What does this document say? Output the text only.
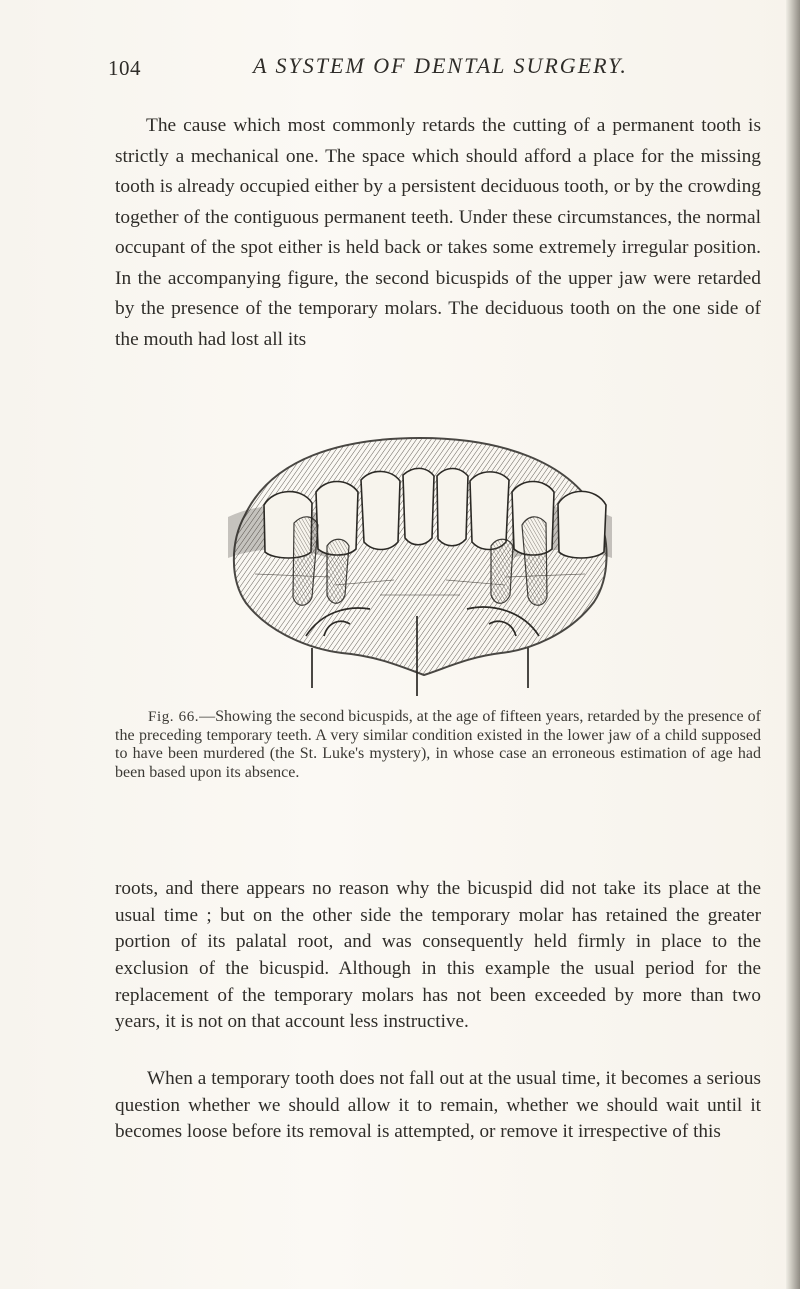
104	A SYSTEM OF DENTAL SURGERY.

The cause which most commonly retards the cutting of a permanent tooth is strictly a mechanical one. The space which should afford a place for the missing tooth is already occupied either by a persistent deciduous tooth, or by the crowding together of the contiguous permanent teeth. Under these circumstances, the normal occupant of the spot either is held back or takes some extremely irregular position. In the accompanying figure, the second bicuspids of the upper jaw were retarded by the presence of the temporary molars. The deciduous tooth on the one side of the mouth had lost all its

Fig. 66.—Showing the second bicuspids, at the age of fifteen years, retarded by the presence of the preceding temporary teeth. A very similar condition existed in the lower jaw of a child supposed to have been murdered (the St. Luke's mystery), in whose case an erroneous estimation of age had been based upon its absence.

roots, and there appears no reason why the bicuspid did not take its place at the usual time ; but on the other side the temporary molar has retained the greater portion of its palatal root, and was consequently held firmly in place to the exclusion of the bicuspid. Although in this example the usual period for the replacement of the temporary molars has not been exceeded by more than two years, it is not on that account less instructive.

When a temporary tooth does not fall out at the usual time, it becomes a serious question whether we should allow it to remain, whether we should wait until it becomes loose before its removal is attempted, or remove it irrespective of this
